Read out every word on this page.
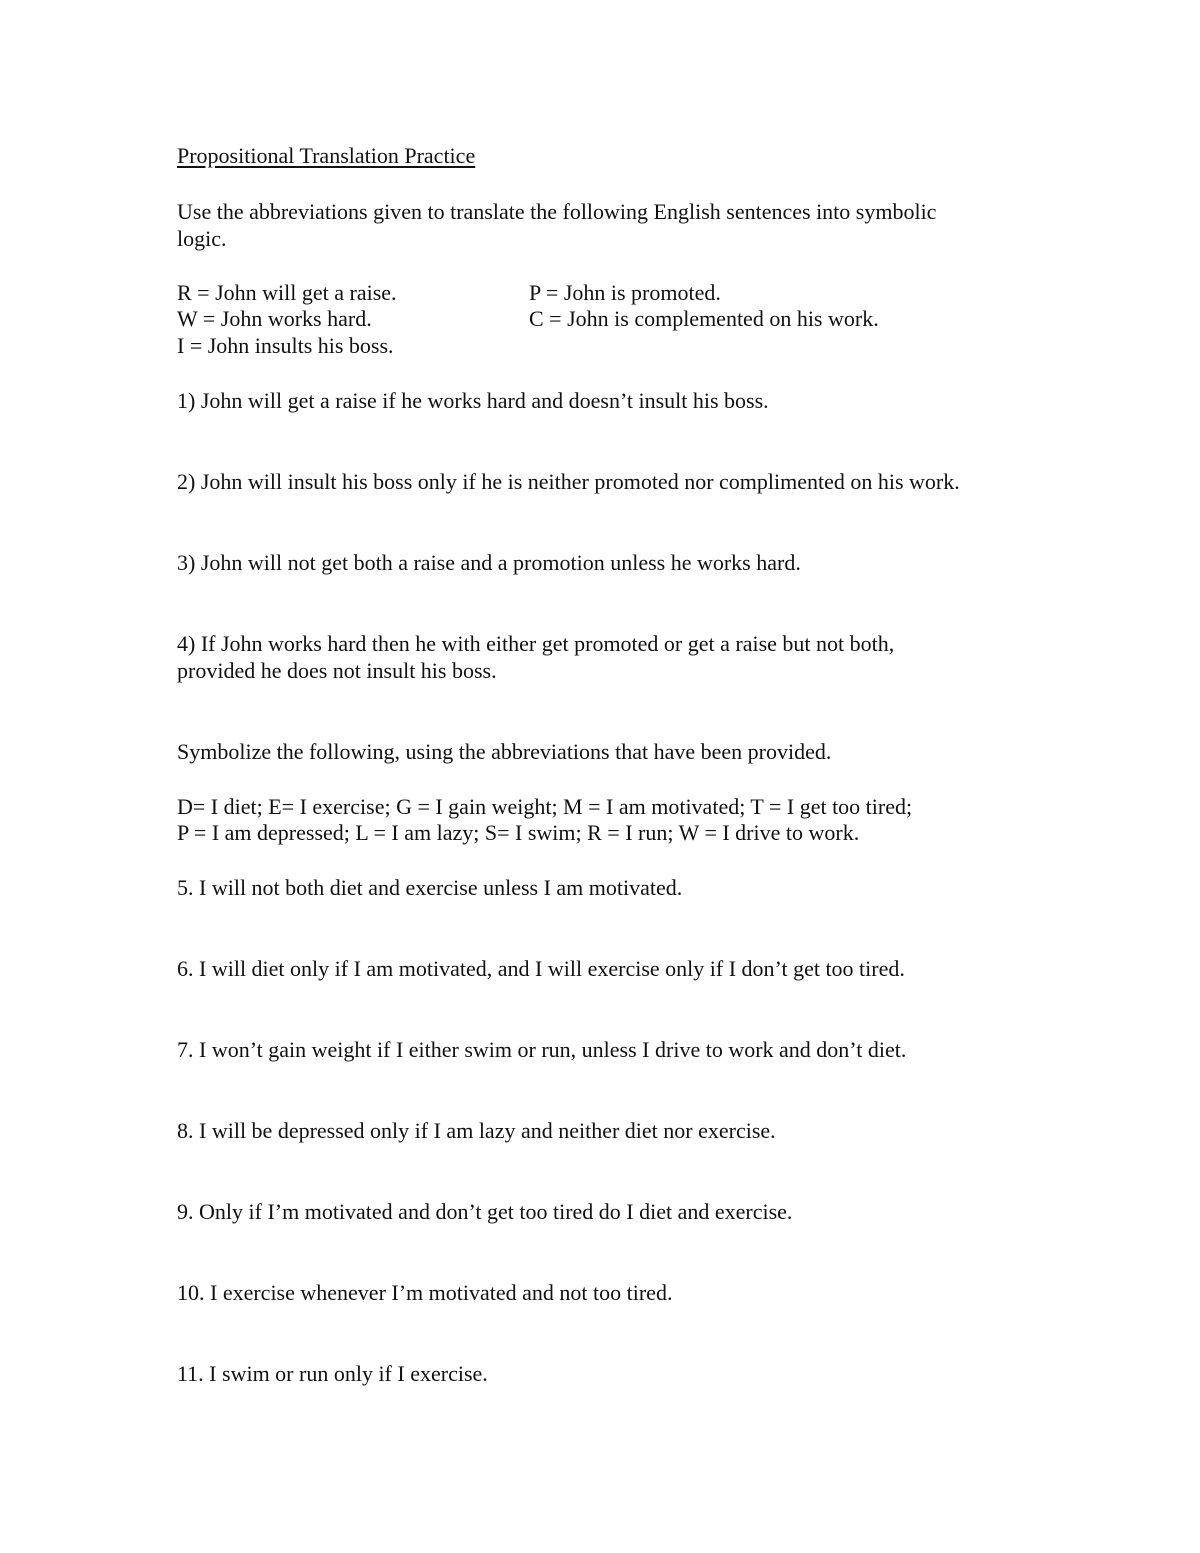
Propositional Translation Practice
Use the abbreviations given to translate the following English sentences into symbolic
logic.
R = John will get a raise.
W = John works hard.
I = John insults his boss.
P = John is promoted.
C = John is complemented on his work.
1) John will get a raise if he works hard and doesn’t insult his boss.
2) John will insult his boss only if he is neither promoted nor complimented on his work.
3) John will not get both a raise and a promotion unless he works hard.
4) If John works hard then he with either get promoted or get a raise but not both,
provided he does not insult his boss.
Symbolize the following, using the abbreviations that have been provided.
D= I diet; E= I exercise; G = I gain weight; M = I am motivated; T = I get too tired;
P = I am depressed; L = I am lazy; S= I swim; R = I run; W = I drive to work.
5. I will not both diet and exercise unless I am motivated.
6. I will diet only if I am motivated, and I will exercise only if I don’t get too tired.
7. I won’t gain weight if I either swim or run, unless I drive to work and don’t diet.
8. I will be depressed only if I am lazy and neither diet nor exercise.
9. Only if I’m motivated and don’t get too tired do I diet and exercise.
10. I exercise whenever I’m motivated and not too tired.
11. I swim or run only if I exercise.
